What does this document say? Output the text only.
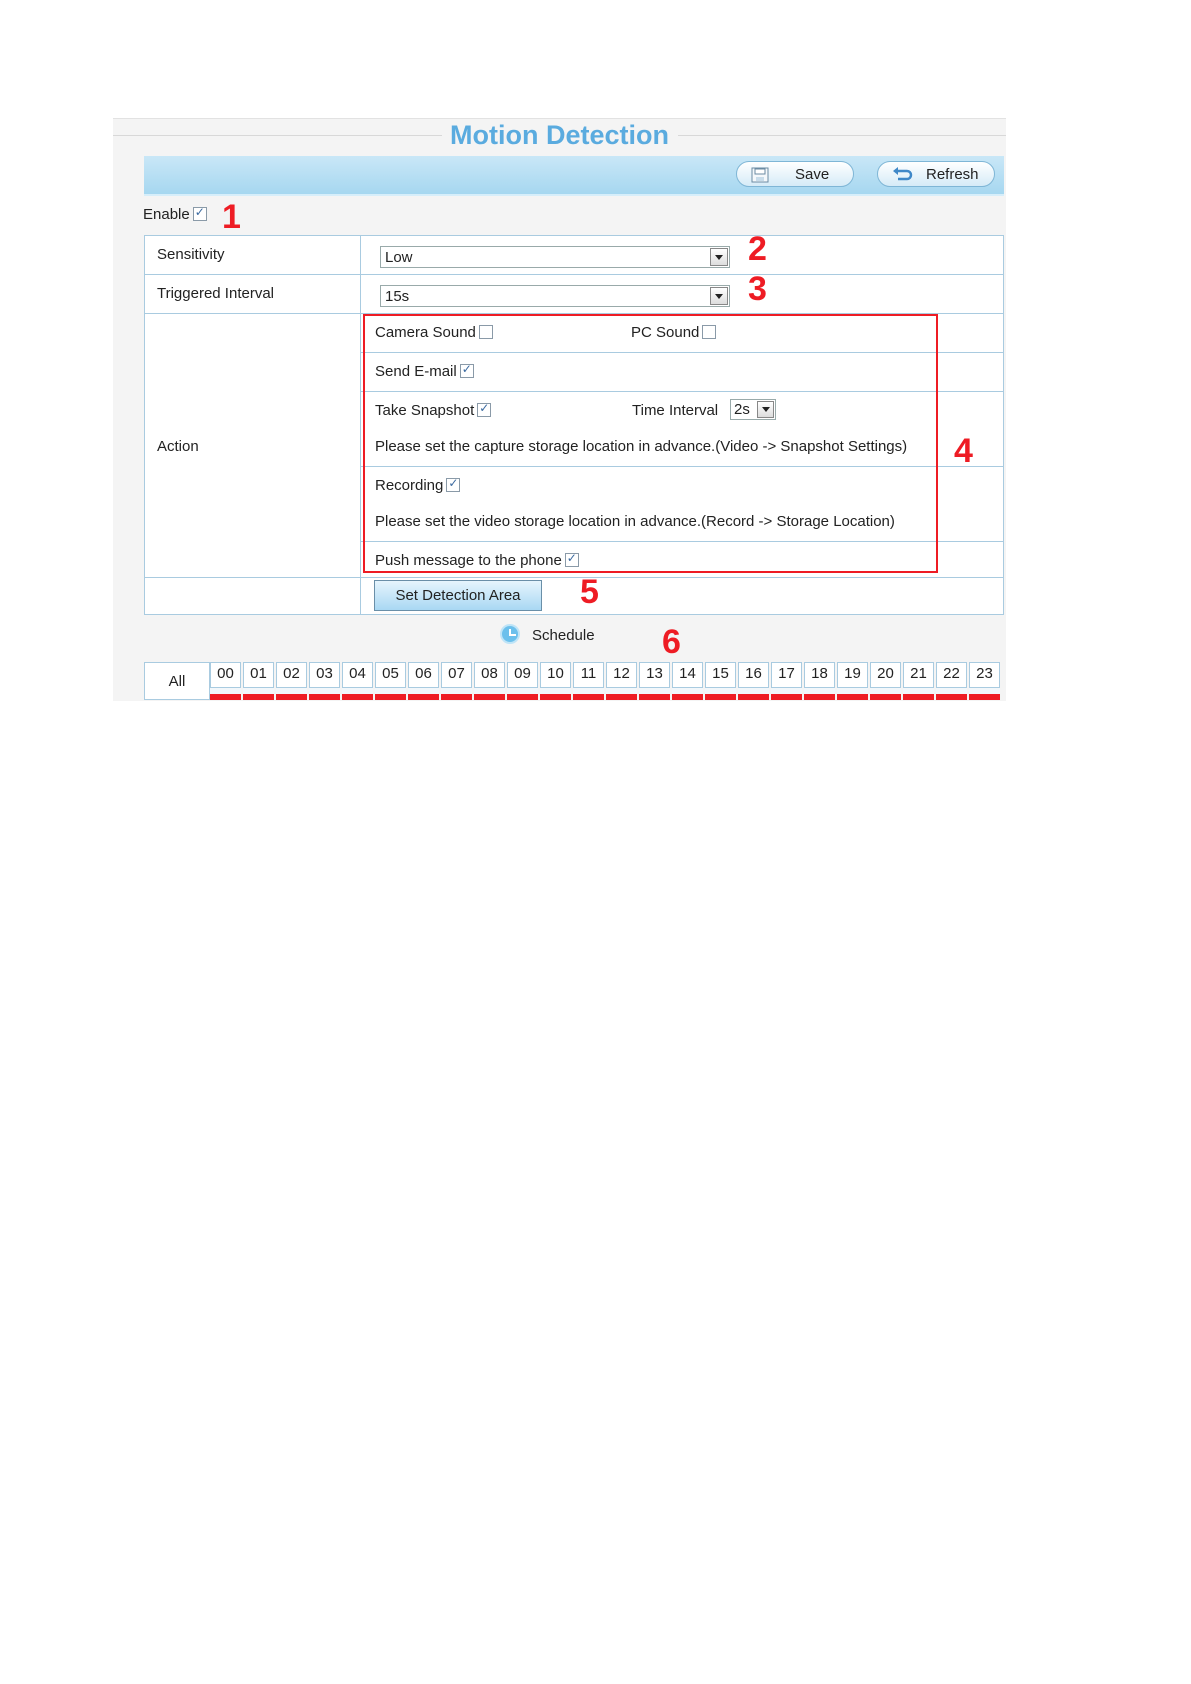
Motion Detection
Save	Refresh
Enable✓
Sensitivity	Low
Triggered Interval	15s
Action
Camera Sound	PC Sound
Send E-mail✓
Take Snapshot✓	Time Interval 2s
Please set the capture storage location in advance.(Video -> Snapshot Settings)
Recording✓
Please set the video storage location in advance.(Record -> Storage Location)
Push message to the phone✓
Set Detection Area
Schedule
All	00	01	02	03	04	05	06	07	08	09	10	11	12	13	14	15	16	17	18	19	20	21	22	23
1
2
3
4
5
6
